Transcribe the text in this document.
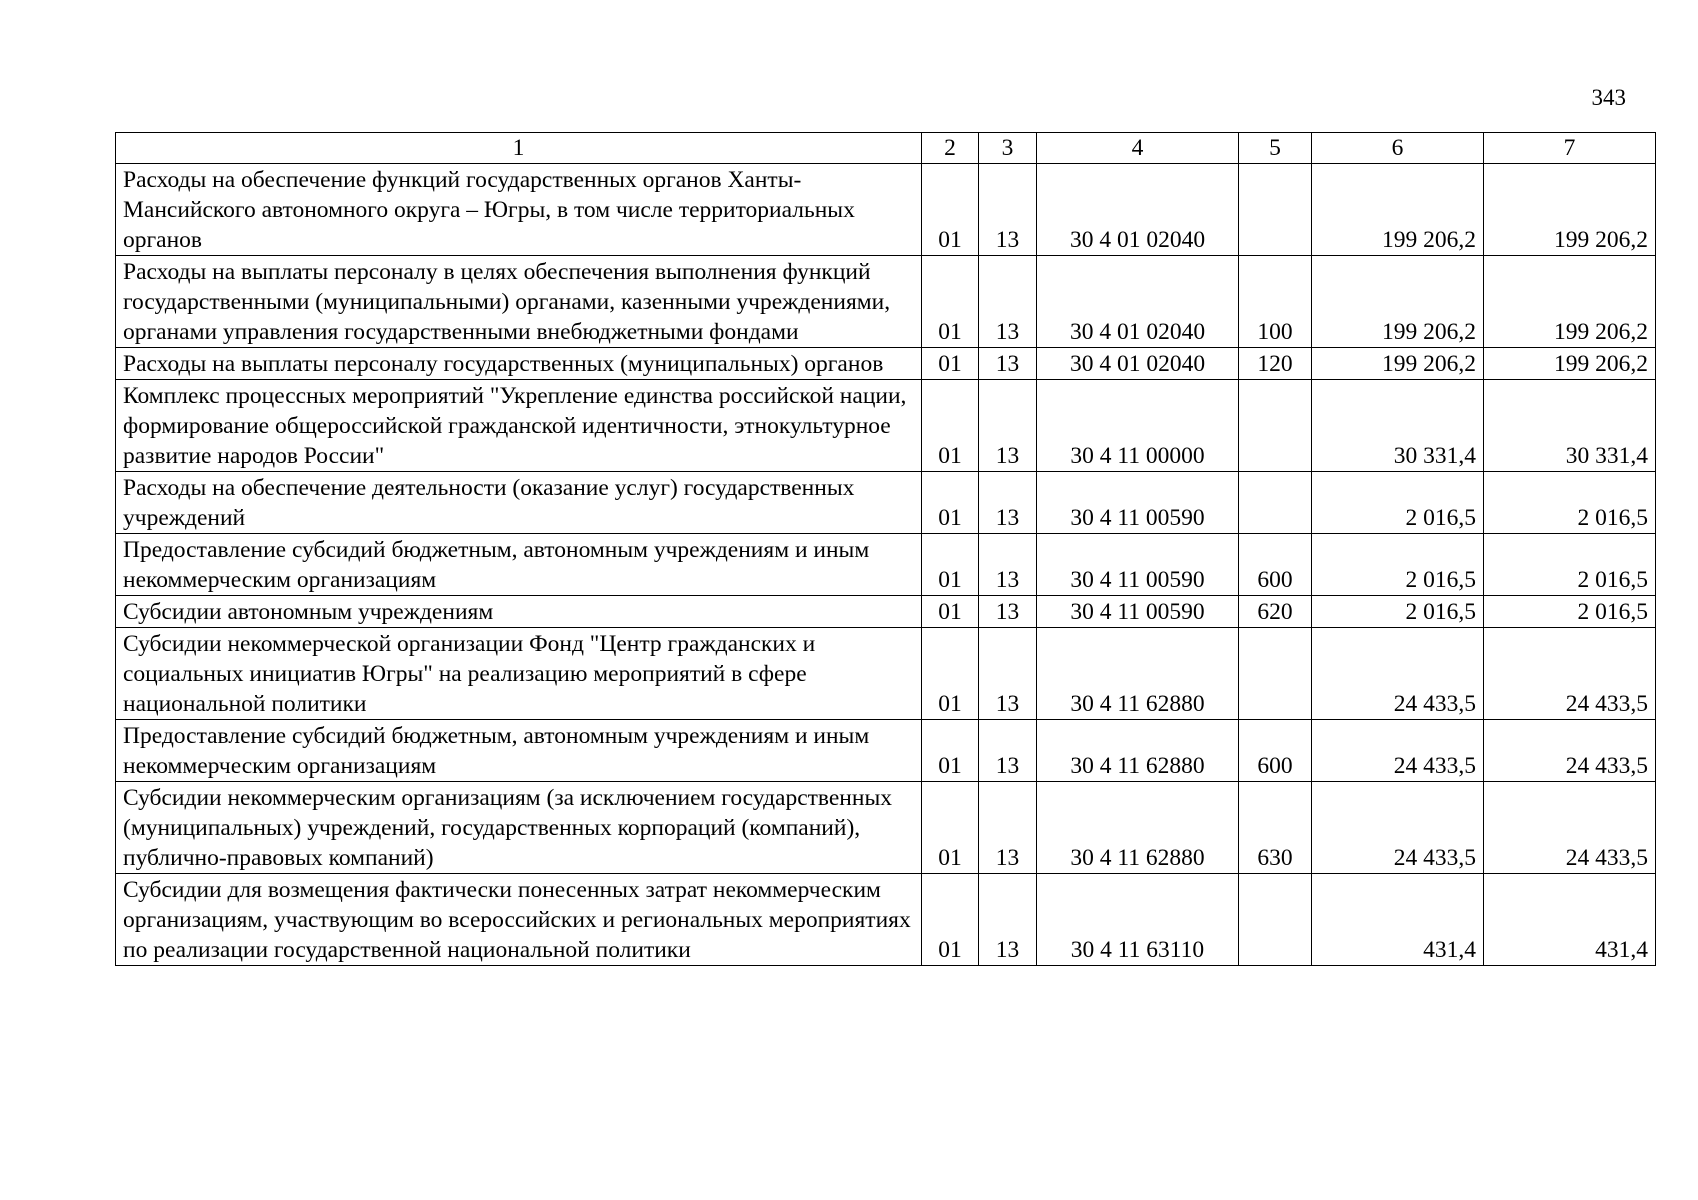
343
1	2	3	4	5	6	7
Расходы на обеспечение функций государственных органов Ханты-Мансийского автономного округа – Югры, в том числе территориальных органов	01	13	30 4 01 02040		199 206,2	199 206,2
Расходы на выплаты персоналу в целях обеспечения выполнения функций государственными (муниципальными) органами, казенными учреждениями, органами управления государственными внебюджетными фондами	01	13	30 4 01 02040	100	199 206,2	199 206,2
Расходы на выплаты персоналу государственных (муниципальных) органов	01	13	30 4 01 02040	120	199 206,2	199 206,2
Комплекс процессных мероприятий "Укрепление единства российской нации, формирование общероссийской гражданской идентичности, этнокультурное развитие народов России"	01	13	30 4 11 00000		30 331,4	30 331,4
Расходы на обеспечение деятельности (оказание услуг) государственных учреждений	01	13	30 4 11 00590		2 016,5	2 016,5
Предоставление субсидий бюджетным, автономным учреждениям и иным некоммерческим организациям	01	13	30 4 11 00590	600	2 016,5	2 016,5
Субсидии автономным учреждениям	01	13	30 4 11 00590	620	2 016,5	2 016,5
Субсидии некоммерческой организации Фонд "Центр гражданских и социальных инициатив Югры" на реализацию мероприятий в сфере национальной политики	01	13	30 4 11 62880		24 433,5	24 433,5
Предоставление субсидий бюджетным, автономным учреждениям и иным некоммерческим организациям	01	13	30 4 11 62880	600	24 433,5	24 433,5
Субсидии некоммерческим организациям (за исключением государственных (муниципальных) учреждений, государственных корпораций (компаний), публично-правовых компаний)	01	13	30 4 11 62880	630	24 433,5	24 433,5
Субсидии для возмещения фактически понесенных затрат некоммерческим организациям, участвующим во всероссийских и региональных мероприятиях по реализации государственной национальной политики	01	13	30 4 11 63110		431,4	431,4
